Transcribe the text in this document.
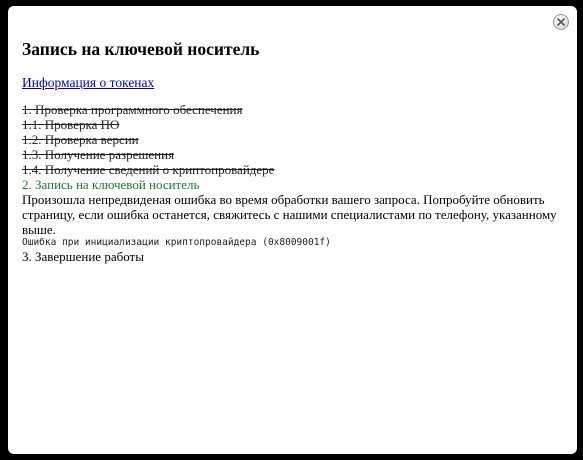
Запись на ключевой носитель
Информация о токенах
1. Проверка программного обеспечения
1.1. Проверка ПО
1.2. Проверка версии
1.3. Получение разрешения
1.4. Получение сведений о криптопровайдере
2. Запись на ключевой носитель
Произошла непредвиденая ошибка во время обработки вашего запроса. Попробуйте обновить страницу, если ошибка останется, свяжитесь с нашими специалистами по телефону, указанному выше.
Ошибка при инициализации криптопровайдера (0x8009001f)
3. Завершение работы
